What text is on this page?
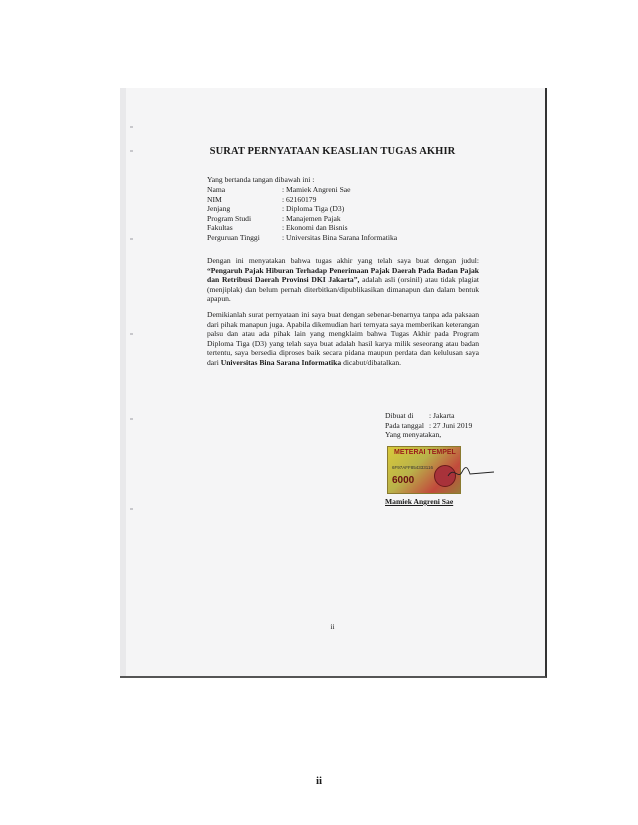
SURAT PERNYATAAN KEASLIAN TUGAS AKHIR
Yang bertanda tangan dibawah ini :
Nama	: Mamiek Angreni Sae
NIM	: 62160179
Jenjang	: Diploma Tiga (D3)
Program Studi	: Manajemen Pajak
Fakultas	: Ekonomi dan Bisnis
Perguruan Tinggi	: Universitas Bina Sarana Informatika
Dengan ini menyatakan bahwa tugas akhir yang telah saya buat dengan judul: “Pengaruh Pajak Hiburan Terhadap Penerimaan Pajak Daerah Pada Badan Pajak dan Retribusi Daerah Provinsi DKI Jakarta”, adalah asli (orsinil) atau tidak plagiat (menjiplak) dan belum pernah diterbitkan/dipublikasikan dimanapun dan dalam bentuk apapun.
Demikianlah surat pernyataan ini saya buat dengan sebenar-benarnya tanpa ada paksaan dari pihak manapun juga. Apabila dikemudian hari ternyata saya memberikan keterangan palsu dan atau ada pihak lain yang mengklaim bahwa Tugas Akhir pada Program Diploma Tiga (D3) yang telah saya buat adalah hasil karya milik seseorang atau badan tertentu, saya bersedia diproses baik secara pidana maupun perdata dan kelulusan saya dari Universitas Bina Sarana Informatika dicabut/dibatalkan.
Dibuat di	: Jakarta
Pada tanggal : 27 Juni 2019
Yang menyatakan,
METERAI TEMPEL
6F97AFF854333116
6000
Mamiek Angreni Sae
ii
ii
